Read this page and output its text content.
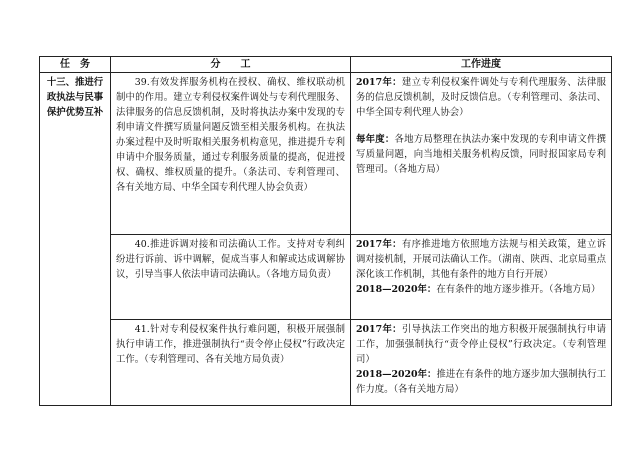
任　务	分　　工	工作进度
十三、推进行政执法与民事保护优势互补	39.有效发挥服务机构在授权、确权、维权联动机制中的作用。建立专利侵权案件调处与专利代理服务、法律服务的信息反馈机制，及时将执法办案中发现的专利申请文件撰写质量问题反馈至相关服务机构。在执法办案过程中及时听取相关服务机构意见，推进提升专利申请中介服务质量，通过专利服务质量的提高，促进授权、确权、维权质量的提升。（条法司、专利管理司、各有关地方局、中华全国专利代理人协会负责）	2017年：建立专利侵权案件调处与专利代理服务、法律服务的信息反馈机制，及时反馈信息。（专利管理司、条法司、中华全国专利代理人协会）

每年度：各地方局整理在执法办案中发现的专利申请文件撰写质量问题，向当地相关服务机构反馈，同时报国家局专利管理司。（各地方局）

	40.推进诉调对接和司法确认工作。支持对专利纠纷进行诉前、诉中调解，促成当事人和解或达成调解协议，引导当事人依法申请司法确认。（各地方局负责）	2017年：有序推进地方依照地方法规与相关政策，建立诉调对接机制，开展司法确认工作。（湖南、陕西、北京局重点深化该工作机制，其他有条件的地方自行开展）

2018—2020年：在有条件的地方逐步推开。（各地方局）

	41.针对专利侵权案件执行难问题，积极开展强制执行申请工作，推进强制执行“责令停止侵权”行政决定工作。（专利管理司、各有关地方局负责）	2017年：引导执法工作突出的地方积极开展强制执行申请工作，加强强制执行“责令停止侵权”行政决定。（专利管理司）

2018—2020年：推进在有条件的地方逐步加大强制执行工作力度。（各有关地方局）
